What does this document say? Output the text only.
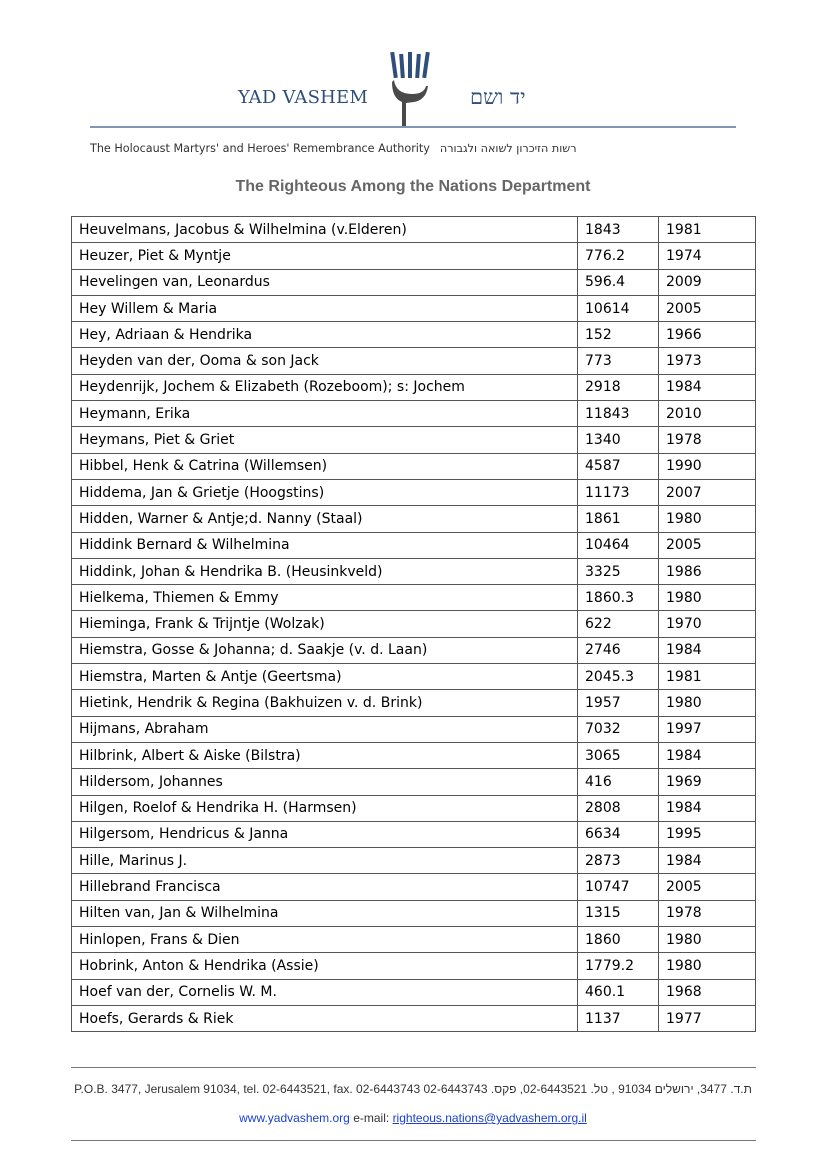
YAD VASHEM	יד ושם
The Holocaust Martyrs' and Heroes' Remembrance Authority רשות הזיכרון לשואה ולגבורה
The Righteous Among the Nations Department
Heuvelmans, Jacobus & Wilhelmina (v.Elderen)	1843	1981
Heuzer, Piet & Myntje	776.2	1974
Hevelingen van, Leonardus	596.4	2009
Hey Willem & Maria	10614	2005
Hey, Adriaan & Hendrika	152	1966
Heyden van der, Ooma & son Jack	773	1973
Heydenrijk, Jochem & Elizabeth (Rozeboom); s: Jochem	2918	1984
Heymann, Erika	11843	2010
Heymans, Piet & Griet	1340	1978
Hibbel, Henk & Catrina (Willemsen)	4587	1990
Hiddema, Jan & Grietje (Hoogstins)	11173	2007
Hidden, Warner & Antje;d. Nanny (Staal)	1861	1980
Hiddink Bernard & Wilhelmina	10464	2005
Hiddink, Johan & Hendrika B. (Heusinkveld)	3325	1986
Hielkema, Thiemen & Emmy	1860.3	1980
Hieminga, Frank & Trijntje (Wolzak)	622	1970
Hiemstra, Gosse & Johanna; d. Saakje (v. d. Laan)	2746	1984
Hiemstra, Marten & Antje (Geertsma)	2045.3	1981
Hietink, Hendrik & Regina (Bakhuizen v. d. Brink)	1957	1980
Hijmans, Abraham	7032	1997
Hilbrink, Albert & Aiske (Bilstra)	3065	1984
Hildersom, Johannes	416	1969
Hilgen, Roelof & Hendrika H. (Harmsen)	2808	1984
Hilgersom, Hendricus & Janna	6634	1995
Hille, Marinus J.	2873	1984
Hillebrand Francisca	10747	2005
Hilten van, Jan & Wilhelmina	1315	1978
Hinlopen, Frans & Dien	1860	1980
Hobrink, Anton & Hendrika (Assie)	1779.2	1980
Hoef van der, Cornelis W. M.	460.1	1968
Hoefs, Gerards & Riek	1137	1977
P.O.B. 3477, Jerusalem 91034, tel. 02-6443521, fax. 02-6443743 ת.ד. 3477, ירושלים 91034 , טל. 02-6443521, פקס. 02-6443743
www.yadvashem.org e-mail: righteous.nations@yadvashem.org.il
